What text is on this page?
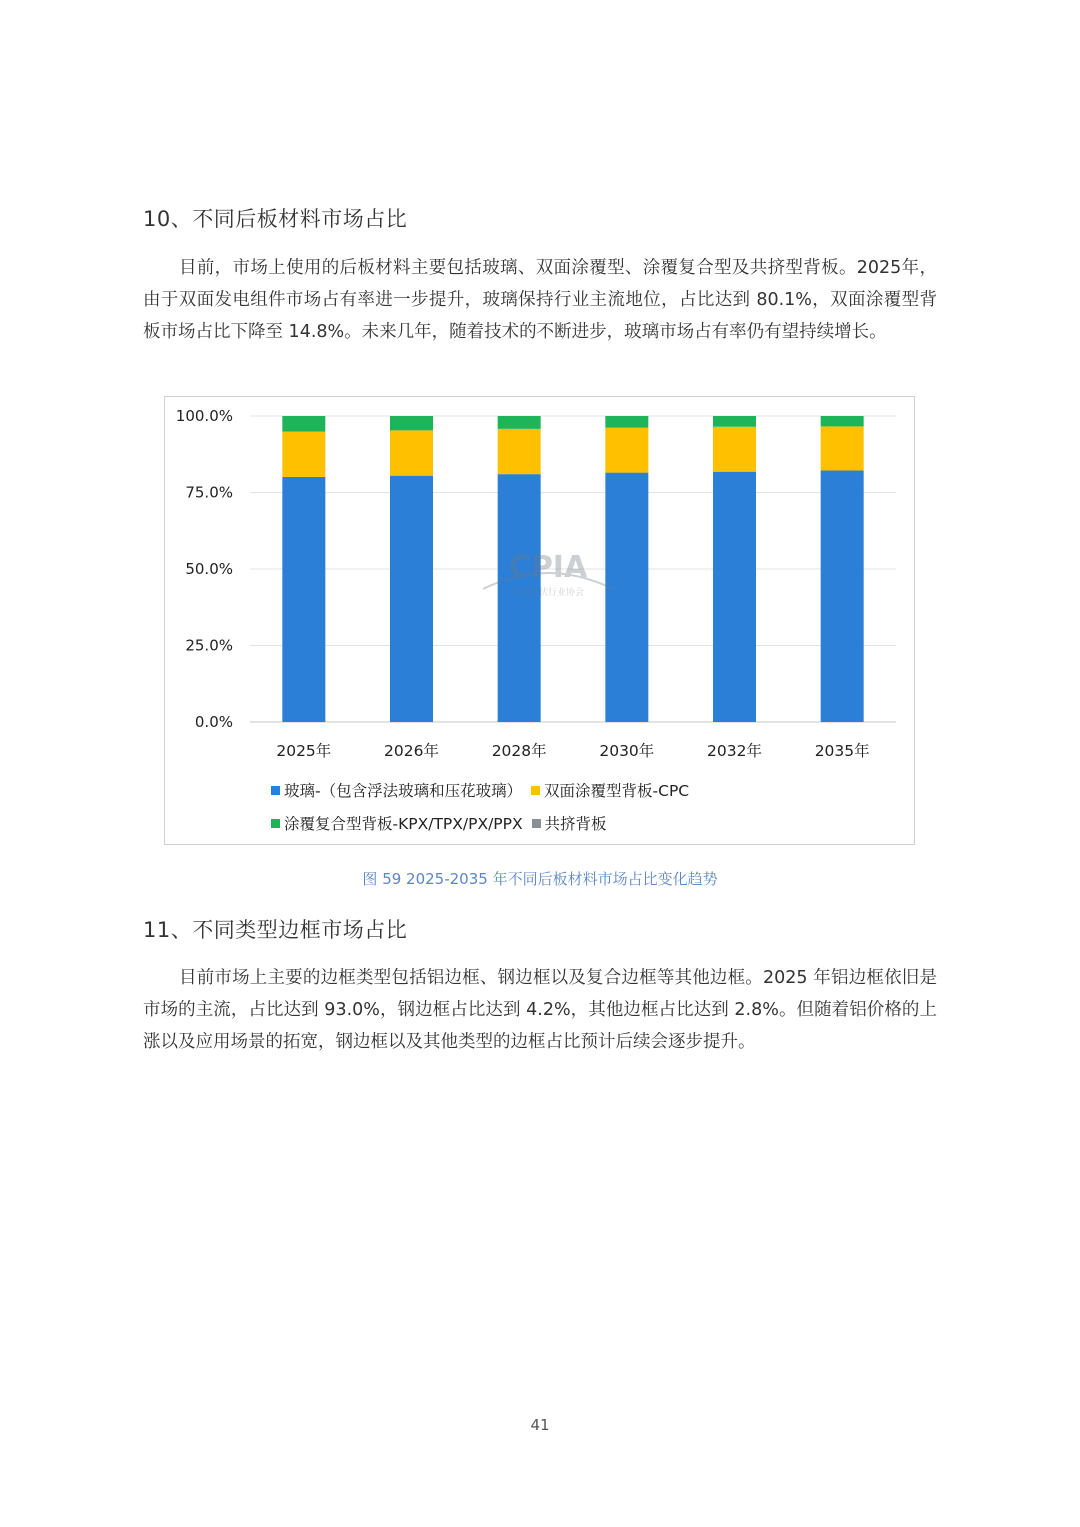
10、不同后板材料市场占比

目前，市场上使用的后板材料主要包括玻璃、双面涂覆型、涂覆复合型及共挤型背板。2025年，由于双面发电组件市场占有率进一步提升，玻璃保持行业主流地位，占比达到 80.1%，双面涂覆型背板市场占比下降至 14.8%。未来几年，随着技术的不断进步，玻璃市场占有率仍有望持续增长。

0.0%
25.0%
50.0%
75.0%
100.0%
2025年	2026年	2028年	2030年	2032年	2035年
CPIA
中国光伏行业协会
玻璃-（包含浮法玻璃和压花玻璃） 双面涂覆型背板-CPC
涂覆复合型背板-KPX/TPX/PX/PPX 共挤背板
图 59 2025-2035 年不同后板材料市场占比变化趋势
11、不同类型边框市场占比

目前市场上主要的边框类型包括铝边框、钢边框以及复合边框等其他边框。2025 年铝边框依旧是市场的主流，占比达到 93.0%，钢边框占比达到 4.2%，其他边框占比达到 2.8%。但随着铝价格的上涨以及应用场景的拓宽，钢边框以及其他类型的边框占比预计后续会逐步提升。

41
